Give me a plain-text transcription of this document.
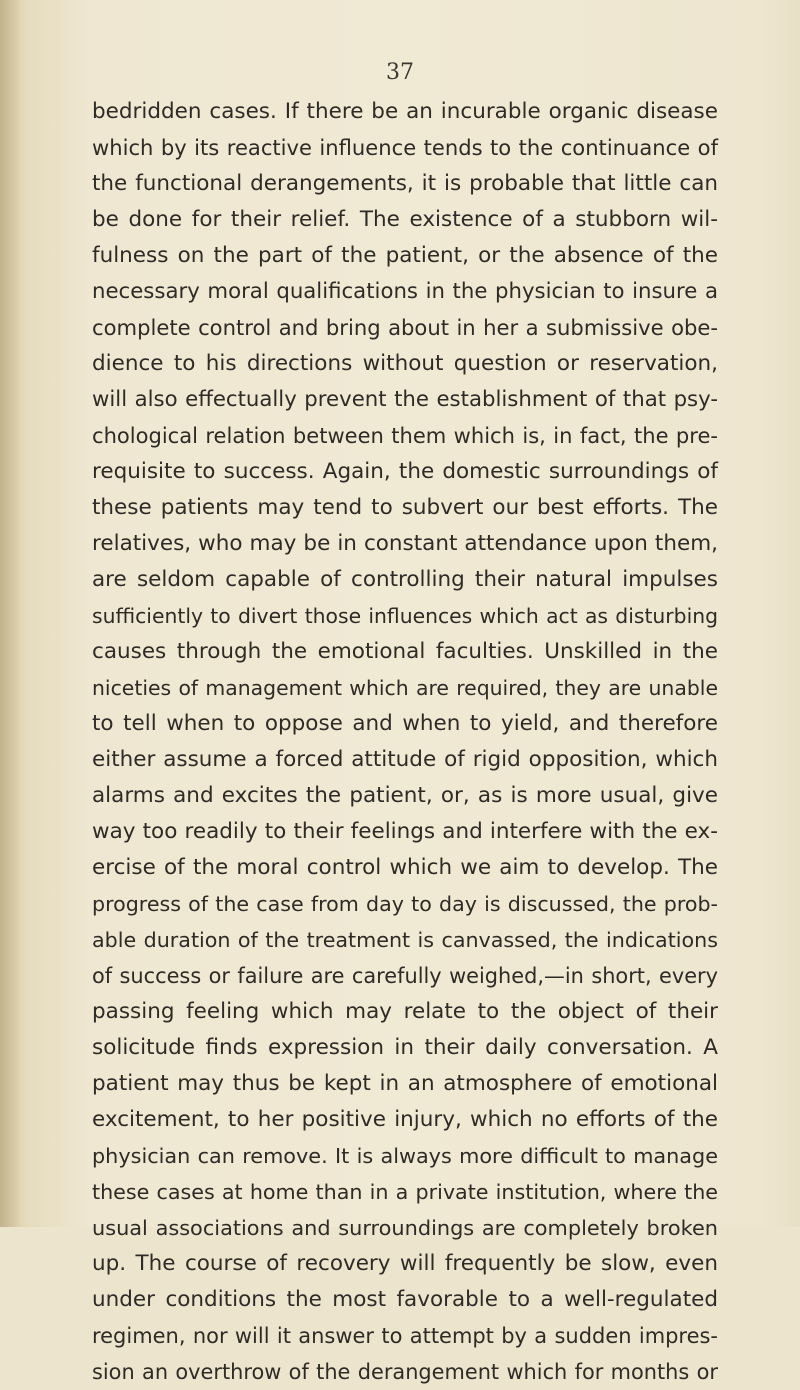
37
bedridden cases. If there be an incurable organic disease
which by its reactive influence tends to the continuance of
the functional derangements, it is probable that little can
be done for their relief. The existence of a stubborn wil-
fulness on the part of the patient, or the absence of the
necessary moral qualifications in the physician to insure a
complete control and bring about in her a submissive obe-
dience to his directions without question or reservation,
will also effectually prevent the establishment of that psy-
chological relation between them which is, in fact, the pre-
requisite to success. Again, the domestic surroundings of
these patients may tend to subvert our best efforts. The
relatives, who may be in constant attendance upon them,
are seldom capable of controlling their natural impulses
sufficiently to divert those influences which act as disturbing
causes through the emotional faculties. Unskilled in the
niceties of management which are required, they are unable
to tell when to oppose and when to yield, and therefore
either assume a forced attitude of rigid opposition, which
alarms and excites the patient, or, as is more usual, give
way too readily to their feelings and interfere with the ex-
ercise of the moral control which we aim to develop. The
progress of the case from day to day is discussed, the prob-
able duration of the treatment is canvassed, the indications
of success or failure are carefully weighed,—in short, every
passing feeling which may relate to the object of their
solicitude finds expression in their daily conversation. A
patient may thus be kept in an atmosphere of emotional
excitement, to her positive injury, which no efforts of the
physician can remove. It is always more difficult to manage
these cases at home than in a private institution, where the
usual associations and surroundings are completely broken
up. The course of recovery will frequently be slow, even
under conditions the most favorable to a well-regulated
regimen, nor will it answer to attempt by a sudden impres-
sion an overthrow of the derangement which for months or
